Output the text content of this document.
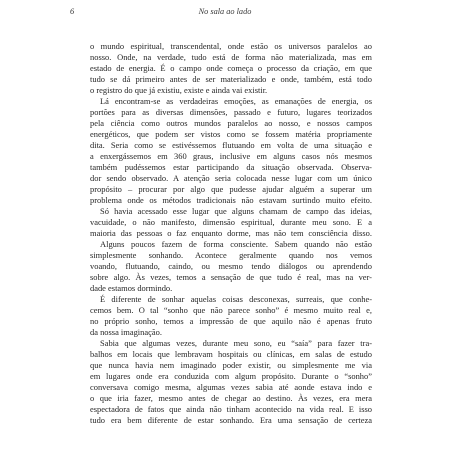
6	No sala ao lado
o mundo espiritual, transcendental, onde estão os universos paralelos ao
nosso. Onde, na verdade, tudo está de forma não materializada, mas em
estado de energia. É o campo onde começa o processo da criação, em que
tudo se dá primeiro antes de ser materializado e onde, também, está todo
o registro do que já existiu, existe e ainda vai existir.
Lá encontram-se as verdadeiras emoções, as emanações de energia, os
portões para as diversas dimensões, passado e futuro, lugares teorizados
pela ciência como outros mundos paralelos ao nosso, e nossos campos
energéticos, que podem ser vistos como se fossem matéria propriamente
dita. Seria como se estivéssemos flutuando em volta de uma situação e
a enxergássemos em 360 graus, inclusive em alguns casos nós mesmos
também pudéssemos estar participando da situação observada. Observa-
dor sendo observado. A atenção seria colocada nesse lugar com um único
propósito – procurar por algo que pudesse ajudar alguém a superar um
problema onde os métodos tradicionais não estavam surtindo muito efeito.
Só havia acessado esse lugar que alguns chamam de campo das ideias,
vacuidade, o não manifesto, dimensão espiritual, durante meu sono. E a
maioria das pessoas o faz enquanto dorme, mas não tem consciência disso.
Alguns poucos fazem de forma consciente. Sabem quando não estão
simplesmente sonhando. Acontece geralmente quando nos vemos
voando, flutuando, caindo, ou mesmo tendo diálogos ou aprendendo
sobre algo. Às vezes, temos a sensação de que tudo é real, mas na ver-
dade estamos dormindo.
É diferente de sonhar aquelas coisas desconexas, surreais, que conhe-
cemos bem. O tal “sonho que não parece sonho” é mesmo muito real e,
no próprio sonho, temos a impressão de que aquilo não é apenas fruto
da nossa imaginação.
Sabia que algumas vezes, durante meu sono, eu “saía” para fazer tra-
balhos em locais que lembravam hospitais ou clínicas, em salas de estudo
que nunca havia nem imaginado poder existir, ou simplesmente me via
em lugares onde era conduzida com algum propósito. Durante o “sonho”
conversava comigo mesma, algumas vezes sabia até aonde estava indo e
o que iria fazer, mesmo antes de chegar ao destino. Às vezes, era mera
espectadora de fatos que ainda não tinham acontecido na vida real. E isso
tudo era bem diferente de estar sonhando. Era uma sensação de certeza
